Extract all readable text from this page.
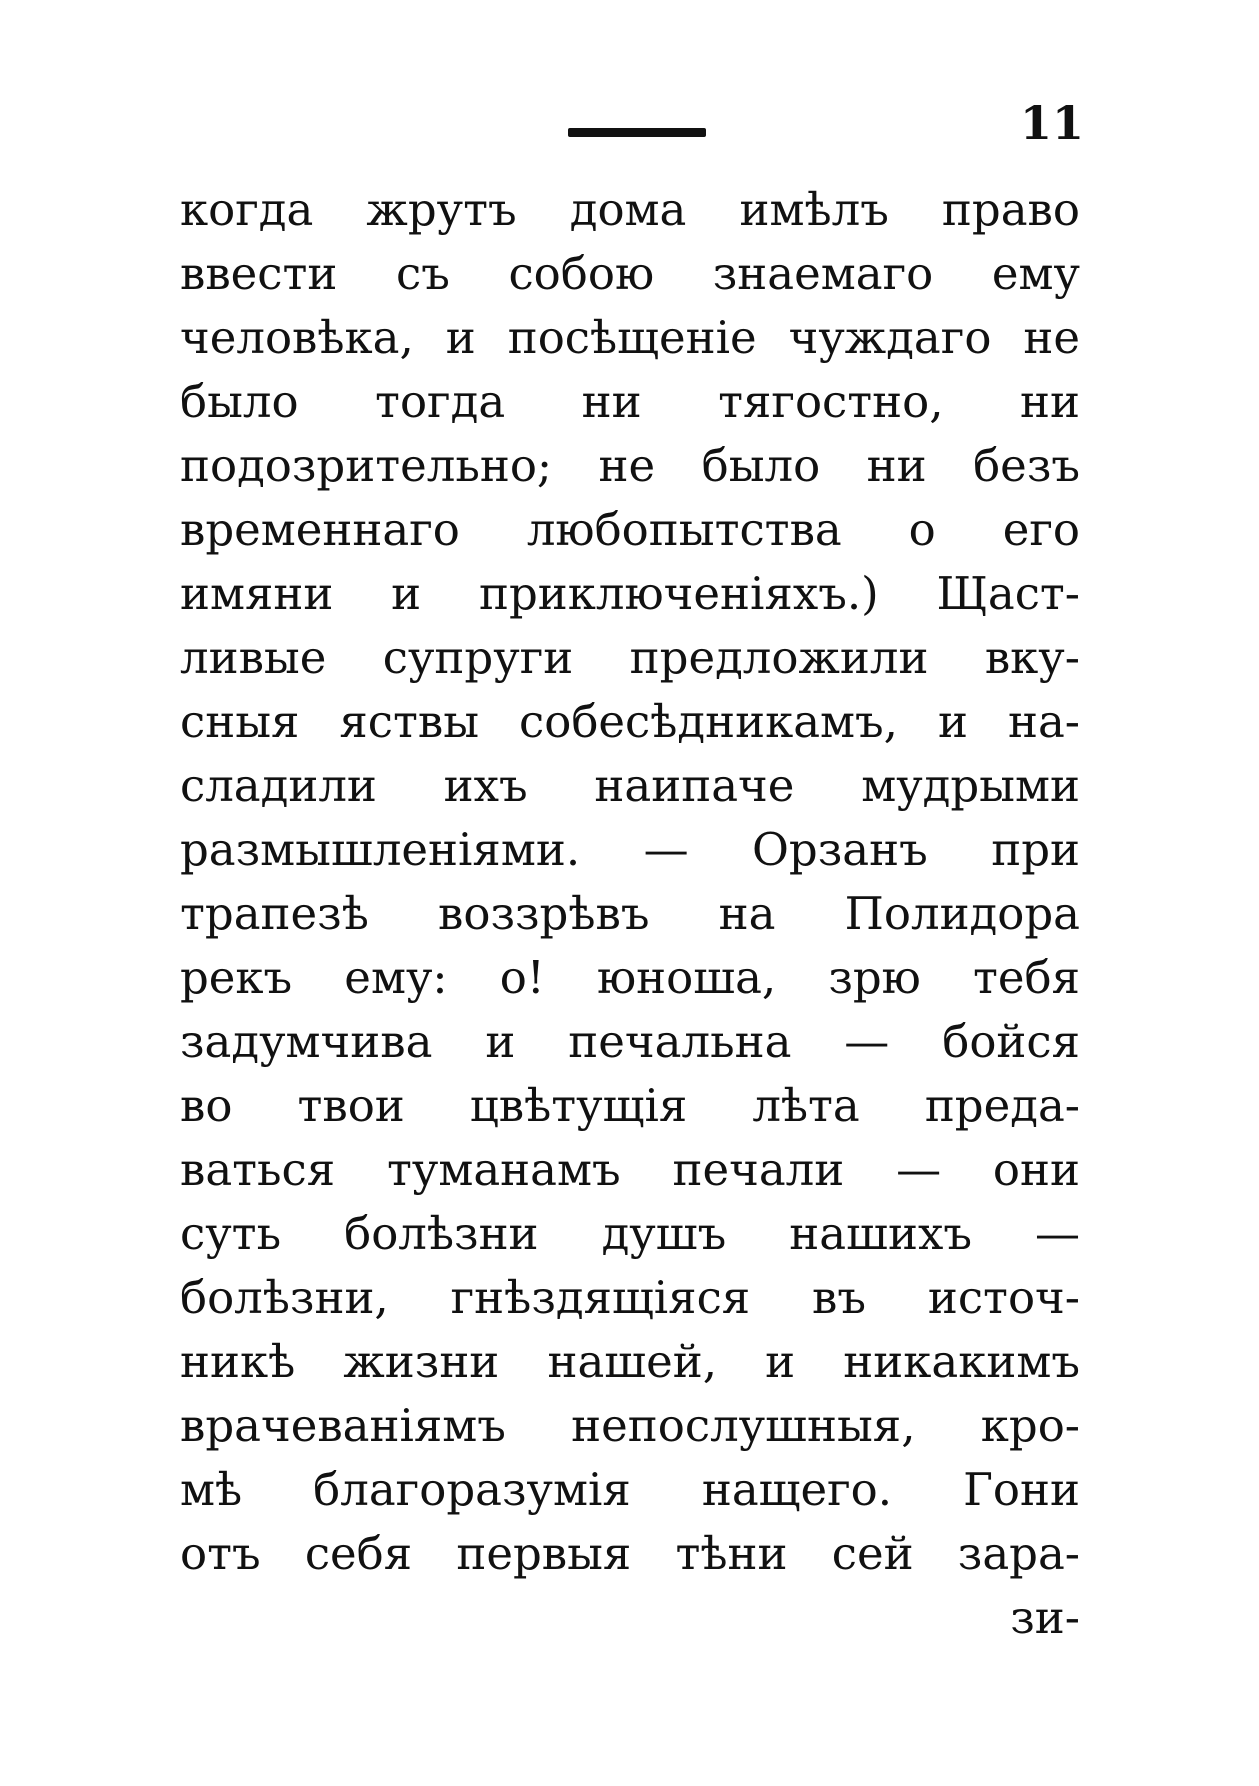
11
когда жрутъ дома имѣлъ право
ввести съ собою знаемаго ему
человѣка, и посѣщеніе чуждаго не
было тогда ни тягостно, ни
подозрительно; не было ни безъ
временнаго любопытства о его
имяни и приключеніяхъ.) Щаст-
ливые супруги предложили вку-
сныя яствы собесѣдникамъ, и на-
сладили ихъ наипаче мудрыми
размышленіями. — Орзанъ при
трапезѣ воззрѣвъ на Полидора
рекъ ему: о! юноша, зрю тебя
задумчива и печальна — бойся
во твои цвѣтущія лѣта преда-
ваться туманамъ печали — они
суть болѣзни душъ нашихъ —
болѣзни, гнѣздящіяся въ источ-
никѣ жизни нашей, и никакимъ
врачеваніямъ непослушныя, кро-
мѣ благоразумія нащего. Гони
отъ себя первыя тѣни сей зара-
зи-
